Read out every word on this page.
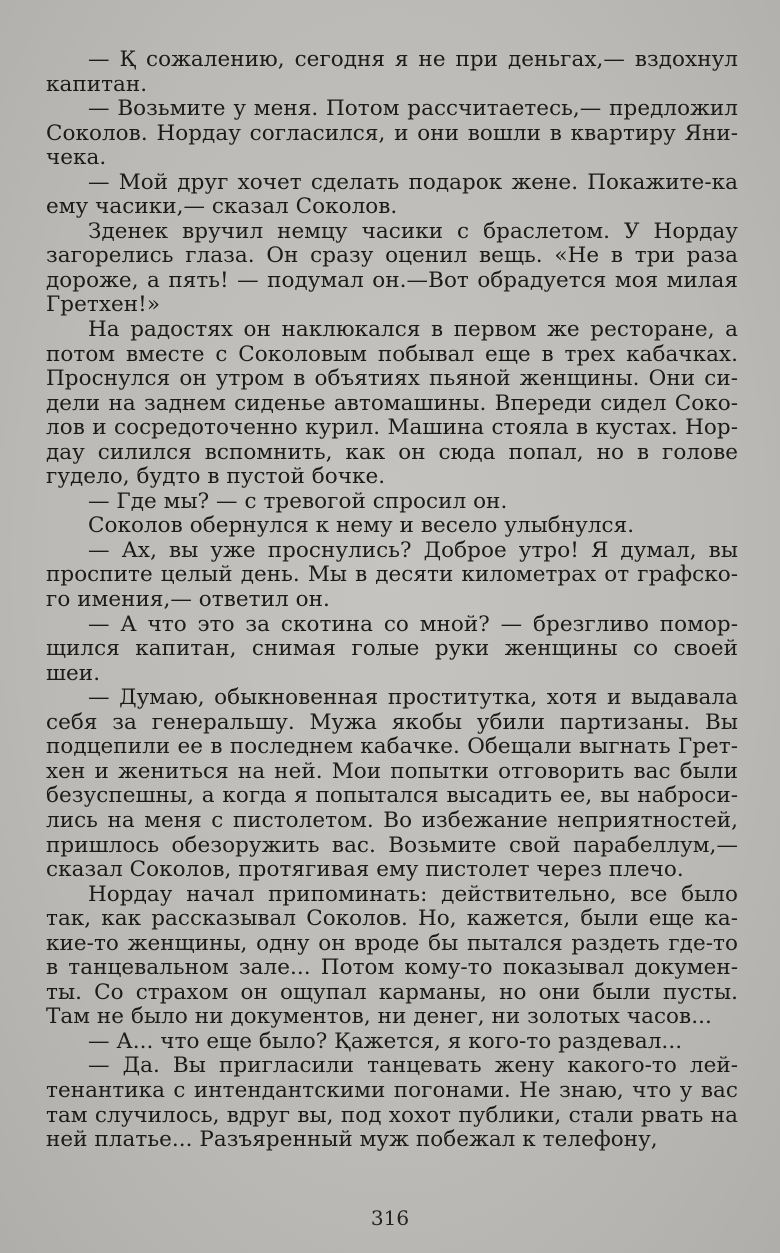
— Қ сожалению, сегодня я не при деньгах,— вздохнул капитан.

— Возьмите у меня. Потом рассчитаетесь,— предложил Соколов. Нордау согласился, и они вошли в квартиру Яничека.

— Мой друг хочет сделать подарок жене. Покажите-ка ему часики,— сказал Соколов.

Зденек вручил немцу часики с браслетом. У Нордау загорелись глаза. Он сразу оценил вещь. «Не в три раза дороже, а пять! — подумал он.—Вот обрадуется моя милая Гретхен!»

На радостях он наклюкался в первом же ресторане, а потом вместе с Соколовым побывал еще в трех кабачках. Проснулся он утром в объятиях пьяной женщины. Они сидели на заднем сиденье автомашины. Впереди сидел Соколов и сосредоточенно курил. Машина стояла в кустах. Нордау силился вспомнить, как он сюда попал, но в голове гудело, будто в пустой бочке.

— Где мы? — с тревогой спросил он.

Соколов обернулся к нему и весело улыбнулся.

— Ах, вы уже проснулись? Доброе утро! Я думал, вы проспите целый день. Мы в десяти километрах от графского имения,— ответил он.

— А что это за скотина со мной? — брезгливо поморщился капитан, снимая голые руки женщины со своей шеи.

— Думаю, обыкновенная проститутка, хотя и выдавала себя за генеральшу. Мужа якобы убили партизаны. Вы подцепили ее в последнем кабачке. Обещали выгнать Гретхен и жениться на ней. Мои попытки отговорить вас были безуспешны, а когда я попытался высадить ее, вы набросились на меня с пистолетом. Во избежание неприятностей, пришлось обезоружить вас. Возьмите свой парабеллум,— сказал Соколов, протягивая ему пистолет через плечо.

Нордау начал припоминать: действительно, все было так, как рассказывал Соколов. Но, кажется, были еще какие-то женщины, одну он вроде бы пытался раздеть где-то в танцевальном зале... Потом кому-то показывал документы. Со страхом он ощупал карманы, но они были пусты. Там не было ни документов, ни денег, ни золотых часов...

— А... что еще было? Қажется, я кого-то раздевал...

— Да. Вы пригласили танцевать жену какого-то лейтенантика с интендантскими погонами. Не знаю, что у вас там случилось, вдруг вы, под хохот публики, стали рвать на ней платье... Разъяренный муж побежал к телефону,

316
